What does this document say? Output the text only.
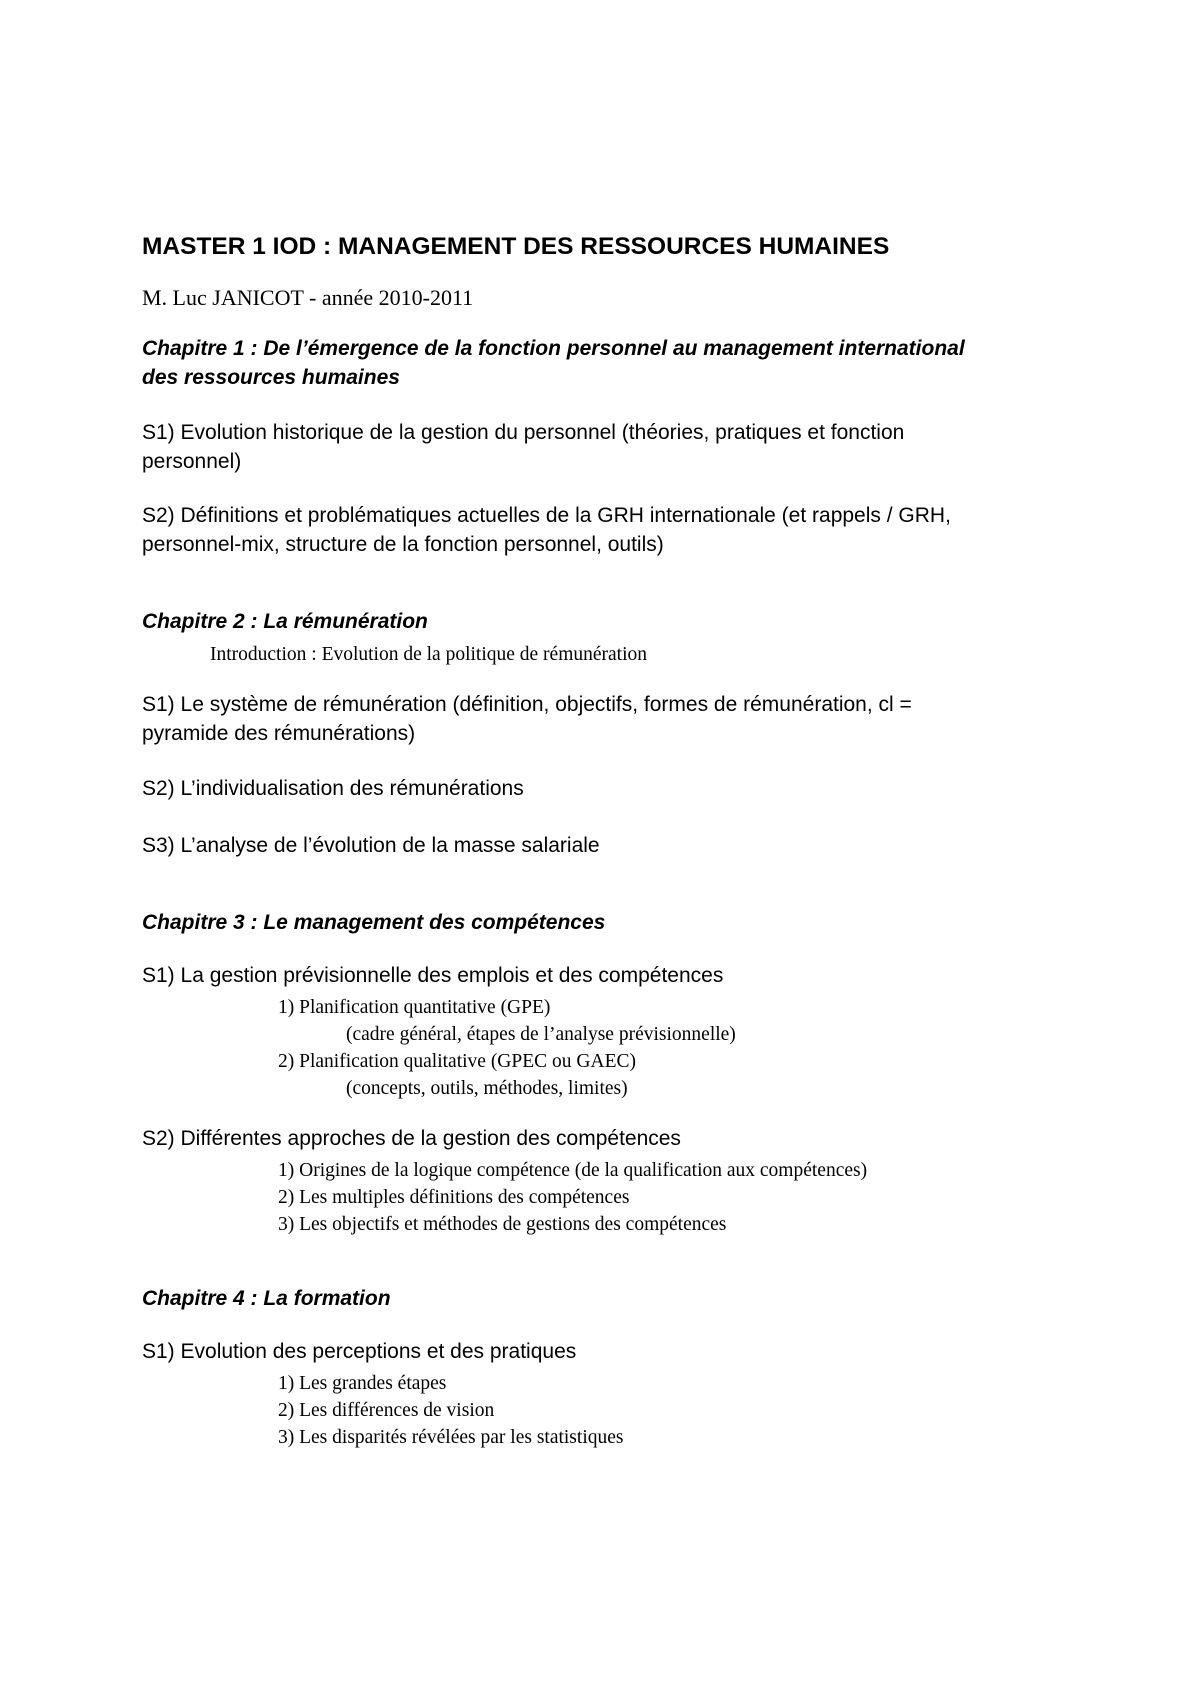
MASTER 1 IOD : MANAGEMENT DES RESSOURCES HUMAINES
M. Luc JANICOT - année 2010-2011
Chapitre 1 : De l’émergence de la fonction personnel au management international
des ressources humaines
S1) Evolution historique de la gestion du personnel (théories, pratiques et fonction
personnel)
S2) Définitions et problématiques actuelles de la GRH internationale (et rappels / GRH,
personnel-mix, structure de la fonction personnel, outils)
Chapitre 2 : La rémunération
Introduction : Evolution de la politique de rémunération
S1) Le système de rémunération (définition, objectifs, formes de rémunération, cl =
pyramide des rémunérations)
S2) L’individualisation des rémunérations
S3) L’analyse de l’évolution de la masse salariale
Chapitre 3 : Le management des compétences
S1) La gestion prévisionnelle des emplois et des compétences
1) Planification quantitative (GPE)
(cadre général, étapes de l’analyse prévisionnelle)
2) Planification qualitative (GPEC ou GAEC)
(concepts, outils, méthodes, limites)
S2) Différentes approches de la gestion des compétences
1) Origines de la logique compétence (de la qualification aux compétences)
2) Les multiples définitions des compétences
3) Les objectifs et méthodes de gestions des compétences
Chapitre 4 : La formation
S1) Evolution des perceptions et des pratiques
1) Les grandes étapes
2) Les différences de vision
3) Les disparités révélées par les statistiques
